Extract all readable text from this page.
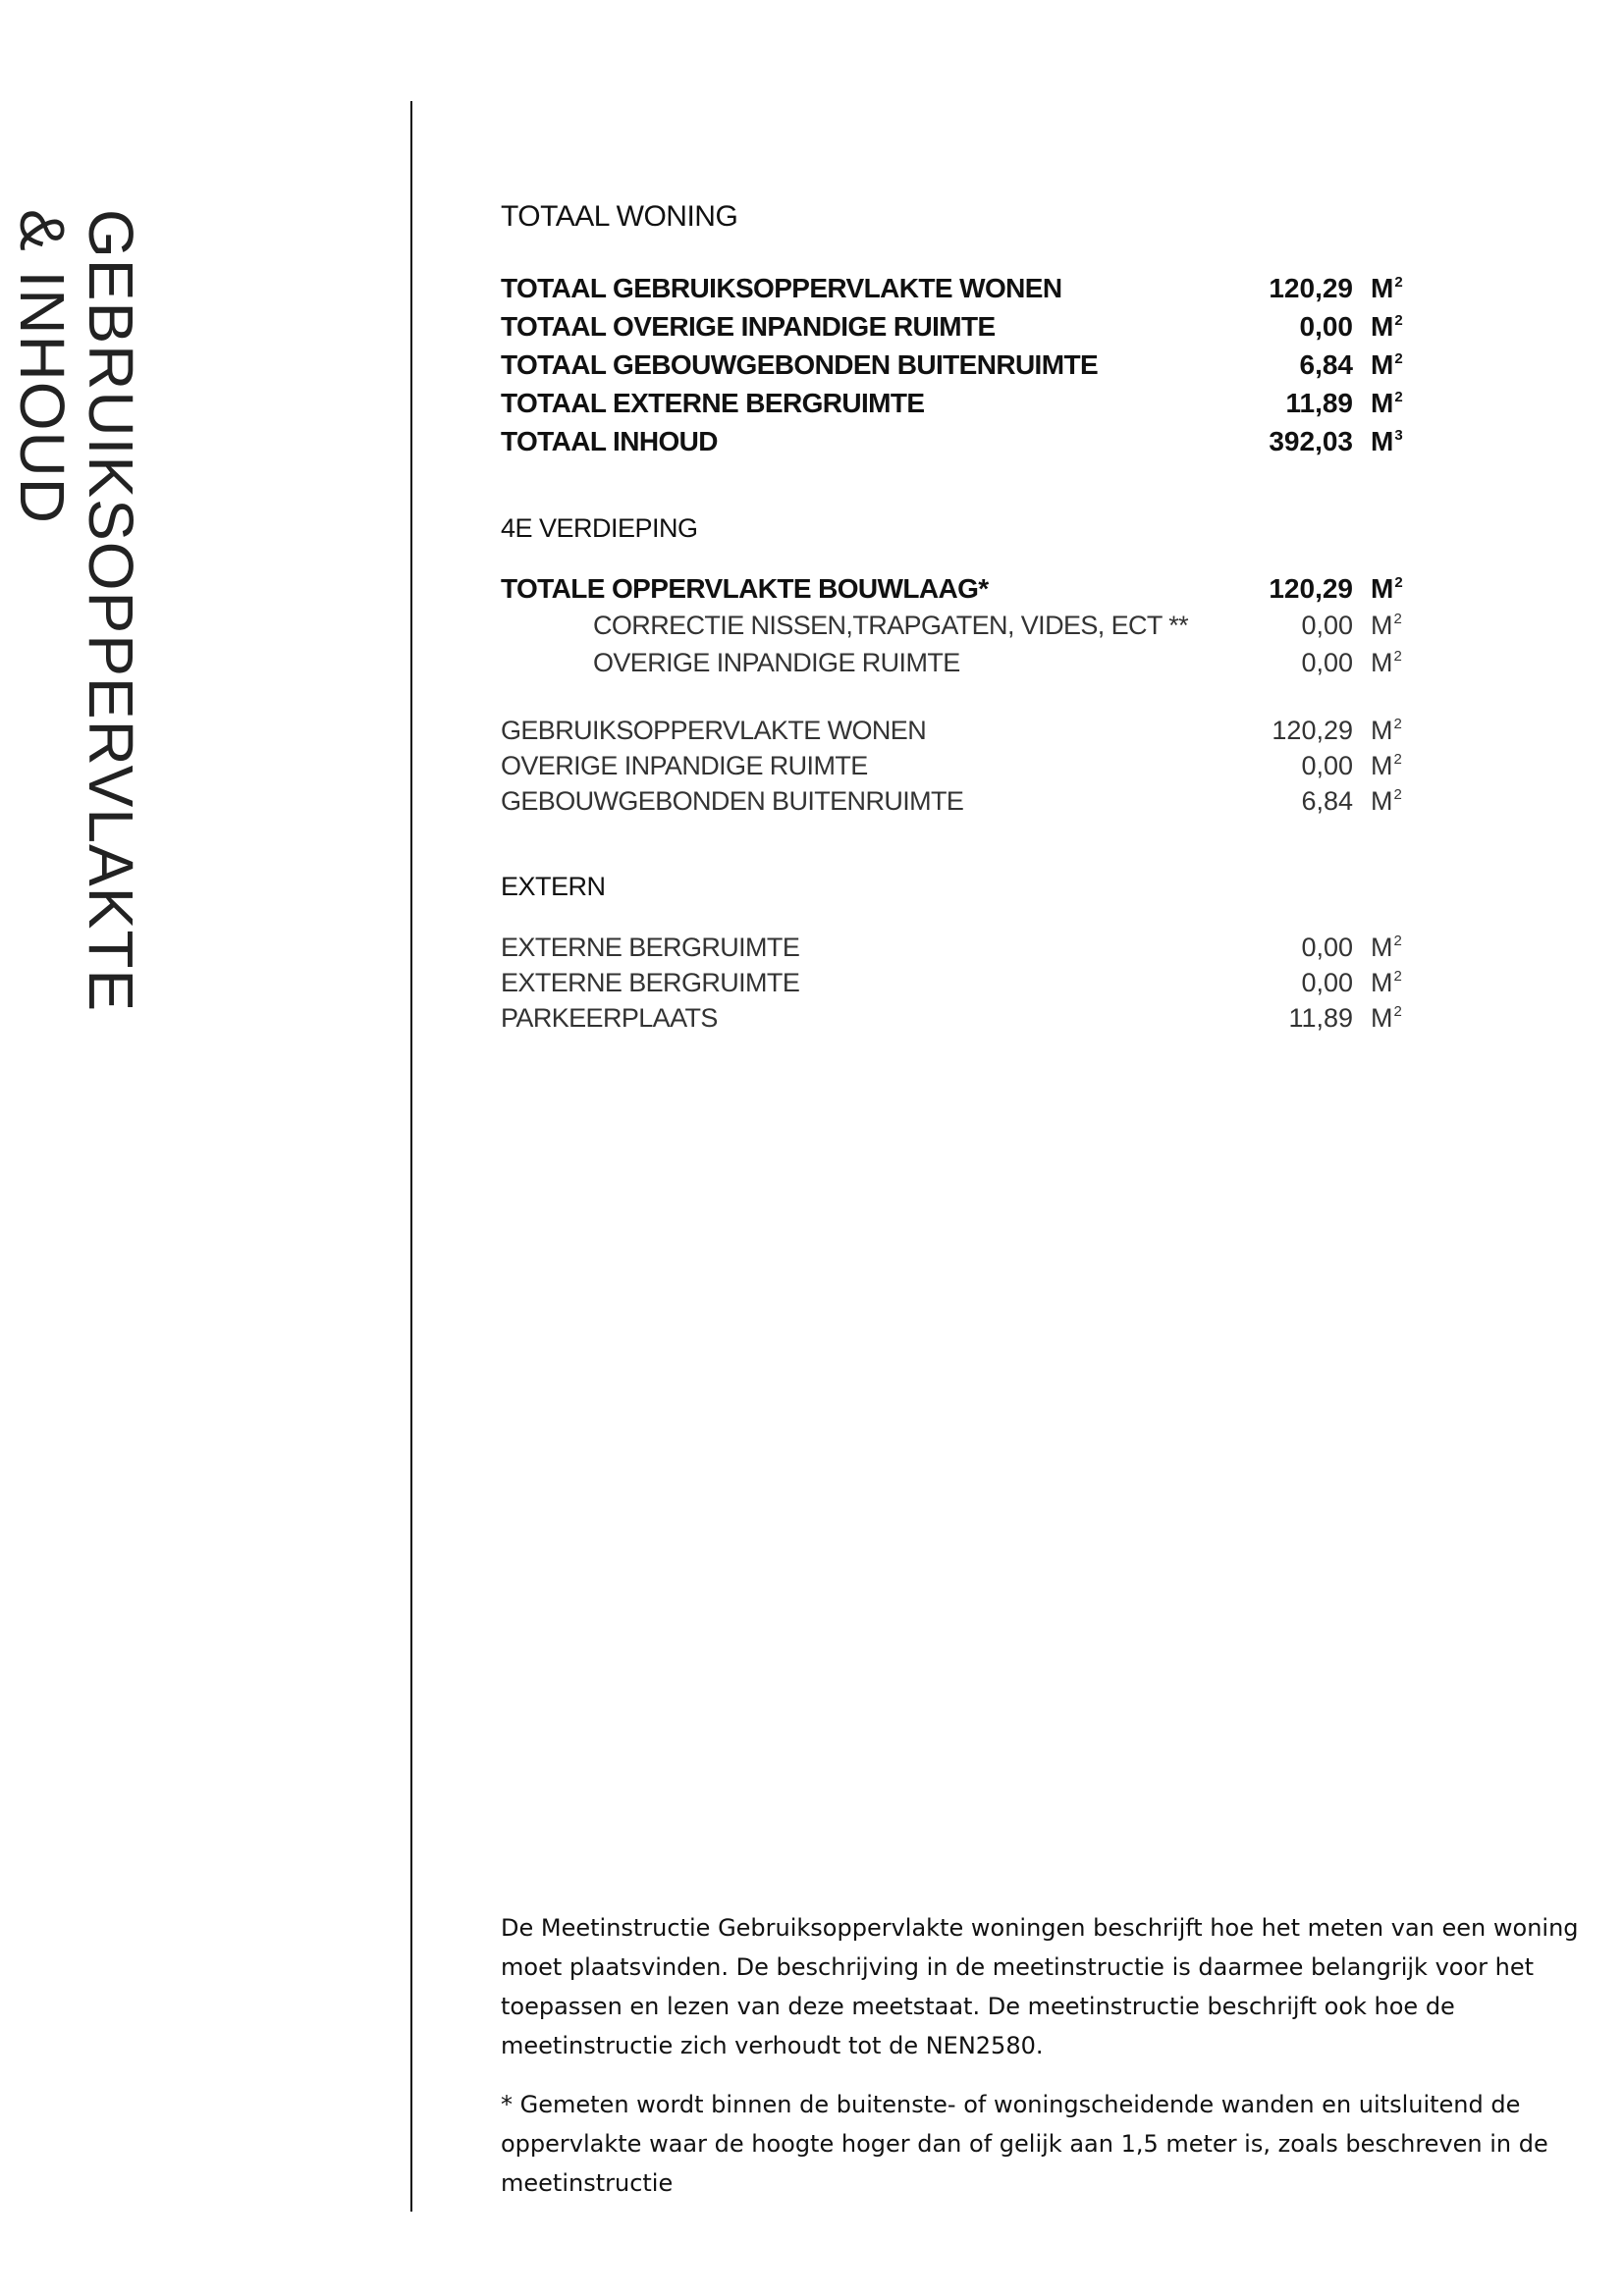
GEBRUIKSOPPERVLAKTE
& INHOUD	TOTAAL WONING
TOTAAL GEBRUIKSOPPERVLAKTE WONEN	120,29 $M^2$
TOTAAL OVERIGE INPANDIGE RUIMTE	0,00 $M^2$
TOTAAL GEBOUWGEBONDEN BUITENRUIMTE	6,84 $M^2$
TOTAAL EXTERNE BERGRUIMTE	11,89 $M^2$
TOTAAL INHOUD	392,03 $M^3$
4E VERDIEPING
TOTALE OPPERVLAKTE BOUWLAAG*	120,29 $M^2$
CORRECTIE NISSEN,TRAPGATEN, VIDES, ECT **	0,00 $M^2$
OVERIGE INPANDIGE RUIMTE	0,00 $M^2$
GEBRUIKSOPPERVLAKTE WONEN	120,29 $M^2$
OVERIGE INPANDIGE RUIMTE	0,00 $M^2$
GEBOUWGEBONDEN BUITENRUIMTE	6,84 $M^2$
EXTERN
EXTERNE BERGRUIMTE	0,00 $M^2$
EXTERNE BERGRUIMTE	0,00 $M^2$
PARKEERPLAATS	11,89 $M^2$
De Meetinstructie Gebruiksoppervlakte woningen beschrijft hoe het meten van een woning moet plaatsvinden. De beschrijving in de meetinstructie is daarmee belangrijk voor het toepassen en lezen van deze meetstaat. De meetinstructie beschrijft ook hoe de meetinstructie zich verhoudt tot de NEN2580.
* Gemeten wordt binnen de buitenste- of woningscheidende wanden en uitsluitend de oppervlakte waar de hoogte hoger dan of gelijk aan 1,5 meter is, zoals beschreven in de meetinstructie
